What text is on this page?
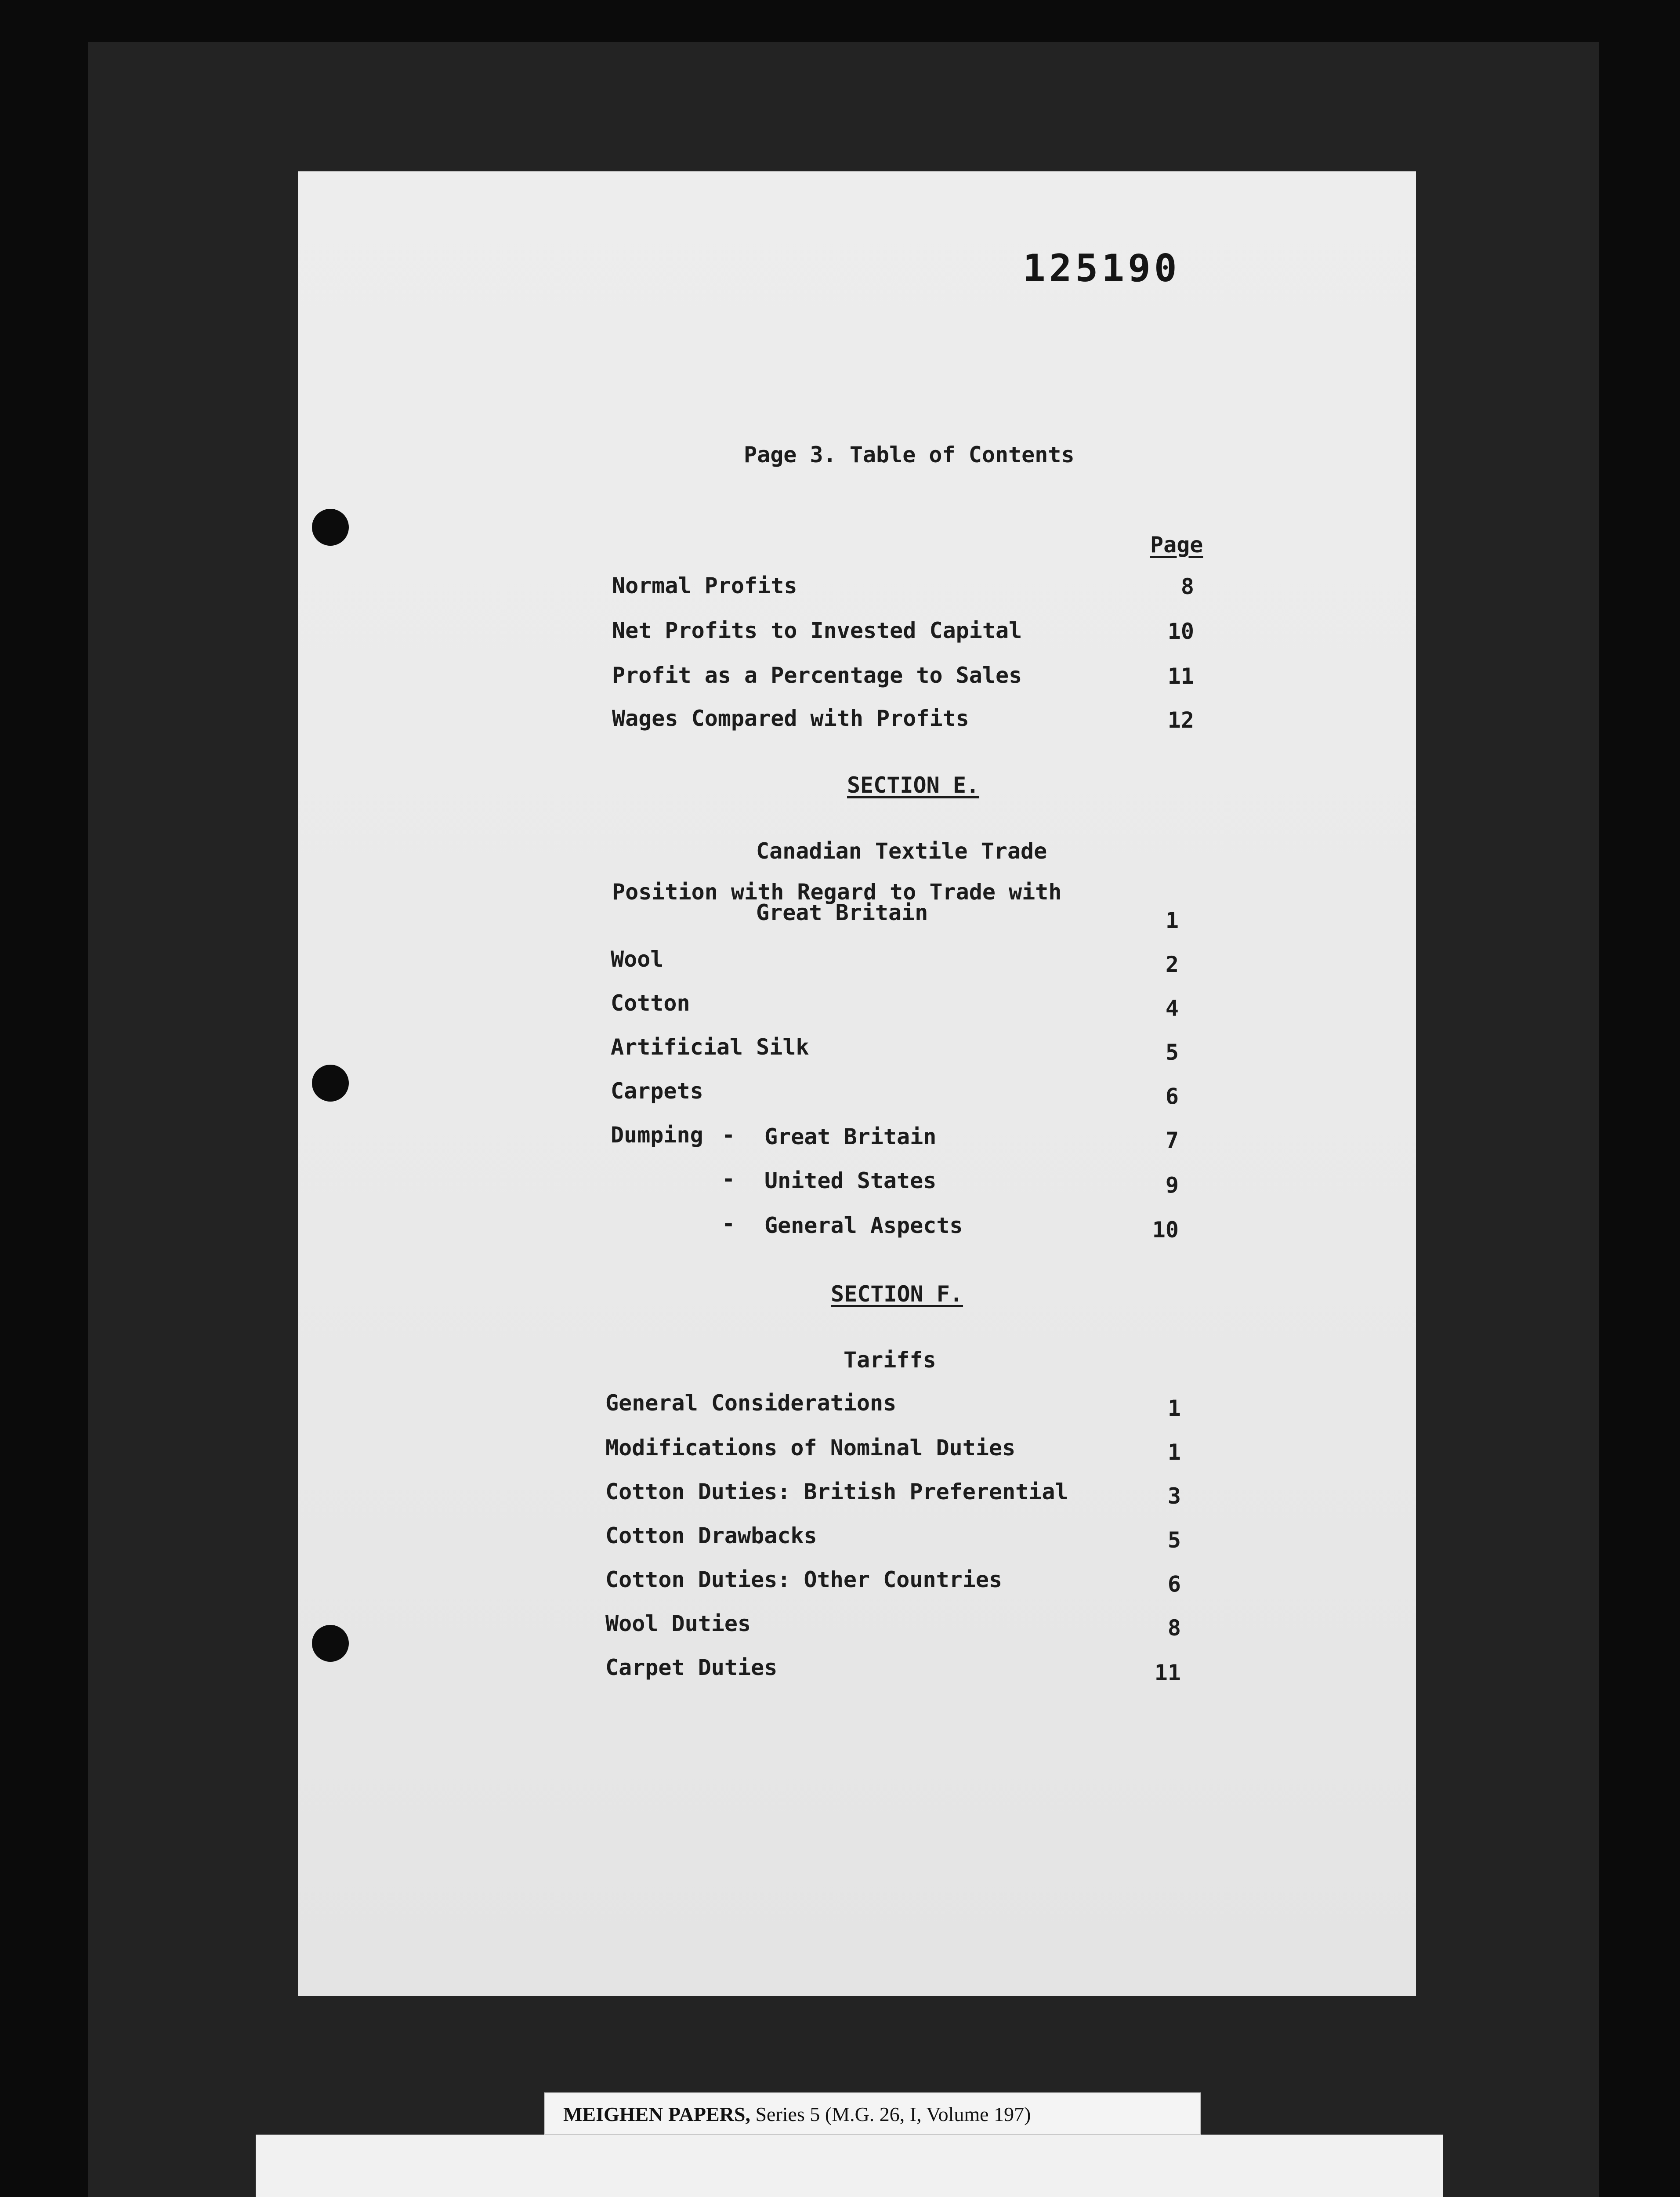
125190
Page 3. Table of Contents
Page
Normal Profits	8
Net Profits to Invested Capital	10
Profit as a Percentage to Sales	11
Wages Compared with Profits	12
SECTION E.
Canadian Textile Trade
Position with Regard to Trade with
Great Britain	1
Wool	2
Cotton	4
Artificial Silk	5
Carpets	6
Dumping - Great Britain	7
- United States	9
- General Aspects	10
SECTION F.
Tariffs
General Considerations	1
Modifications of Nominal Duties	1
Cotton Duties: British Preferential	3
Cotton Drawbacks	5
Cotton Duties: Other Countries	6
Wool Duties	8
Carpet Duties	11
MEIGHEN PAPERS, Series 5 (M.G. 26, I, Volume 197)
